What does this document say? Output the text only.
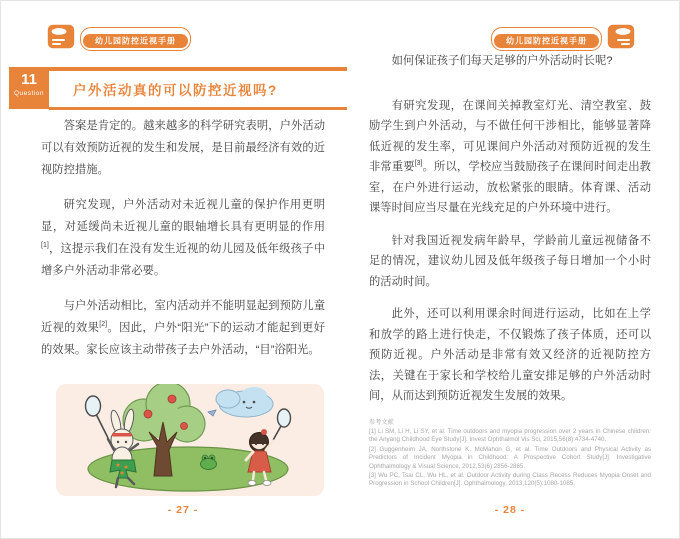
幼儿园防控近视手册
11
Question	户外活动真的可以防控近视吗?

答案是肯定的。越来越多的科学研究表明，户外活动可以有效预防近视的发生和发展，是目前最经济有效的近视防控措施。

研究发现，户外活动对未近视儿童的保护作用更明显，对延缓尚未近视儿童的眼轴增长具有更明显的作用[1]，这提示我们在没有发生近视的幼儿园及低年级孩子中增多户外活动非常必要。

与户外活动相比，室内活动并不能明显起到预防儿童近视的效果[2]。因此，户外“阳光”下的运动才能起到更好的效果。家长应该主动带孩子去户外活动，“目”浴阳光。

- 27 -
幼儿园防控近视手册

如何保证孩子们每天足够的户外活动时长呢?

有研究发现，在课间关掉教室灯光、清空教室、鼓励学生到户外活动，与不做任何干涉相比，能够显著降低近视的发生率，可见课间户外活动对预防近视的发生非常重要[3]。所以，学校应当鼓励孩子在课间时间走出教室，在户外进行运动，放松紧张的眼睛。体育课、活动课等时间应当尽量在光线充足的户外环境中进行。

针对我国近视发病年龄早，学龄前儿童远视储备不足的情况，建议幼儿园及低年级孩子每日增加一个小时的活动时间。

此外，还可以利用课余时间进行运动，比如在上学和放学的路上进行快走，不仅锻炼了孩子体质，还可以预防近视。户外活动是非常有效又经济的近视防控方法，关键在于家长和学校给儿童安排足够的户外活动时间，从而达到预防近视发生发展的效果。

参考文献

[1] Li SM, Li H, Li SY, et al. Time outdoors and myopia progression over 2 years in Chinese children: the Anyang Childhood Eye Study[J]. Invest Ophthalmol Vis Sci, 2015,56(8):4734-4740.

[2] Guggenheim JA, Northstone K, McMahon G, et al. Time Outdoors and Physical Activity as Predictors of Incident Myopia in Childhood: A Prospective Cohort Study[J]. Investigative Ophthalmology & Visual Science, 2012,53(6):2856-2865.

[3] Wu PC, Tsai CL, Wu HL, et al. Outdoor Activity during Class Recess Reduces Myopia Onset and Progression in School Children[J]. Ophthalmology, 2013,120(5):1080-1085.

- 28 -
